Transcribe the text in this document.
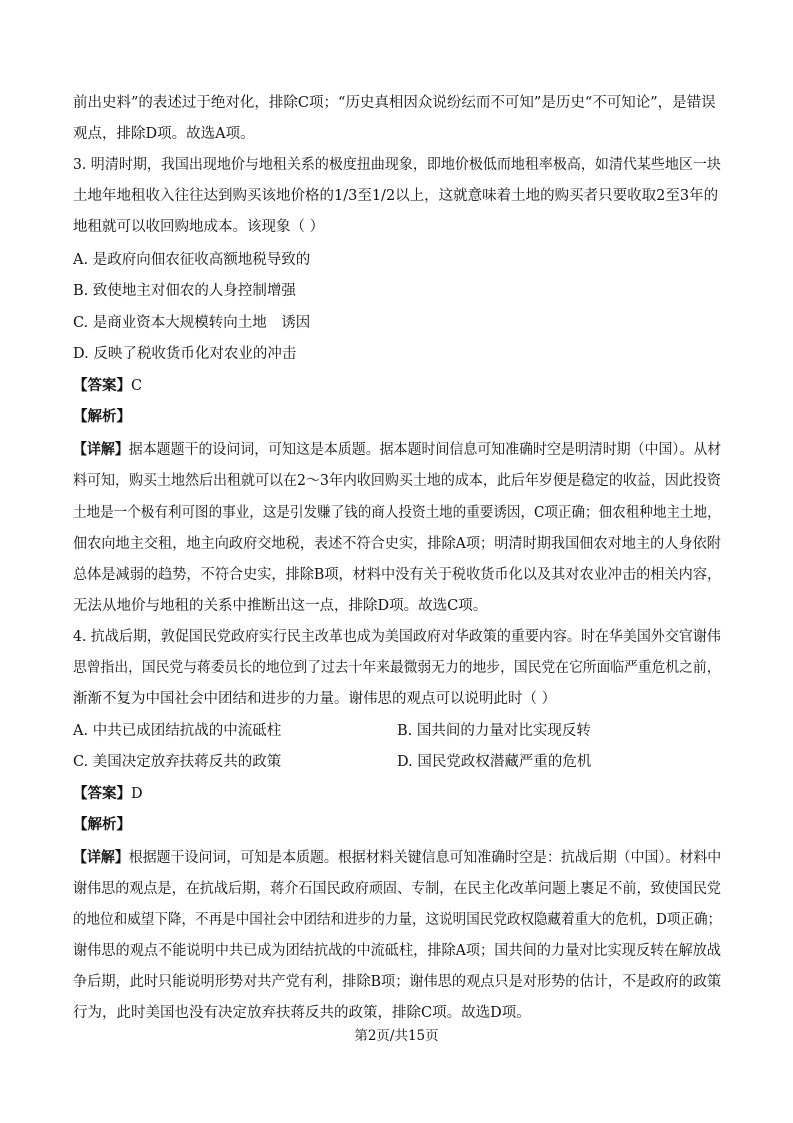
前出史料”的表述过于绝对化，排除C项；“历史真相因众说纷纭而不可知”是历史“不可知论”，是错误
观点，排除D项。故选A项。
3. 明清时期，我国出现地价与地租关系的极度扭曲现象，即地价极低而地租率极高，如清代某些地区一块
土地年地租收入往往达到购买该地价格的1/3至1/2以上，这就意味着土地的购买者只要收取2至3年的
地租就可以收回购地成本。该现象（ ）
A. 是政府向佃农征收高额地税导致的
B. 致使地主对佃农的人身控制增强
C. 是商业资本大规模转向土地　诱因
D. 反映了税收货币化对农业的冲击
【答案】C
【解析】
【详解】据本题题干的设问词，可知这是本质题。据本题时间信息可知准确时空是明清时期（中国）。从材
料可知，购买土地然后出租就可以在2～3年内收回购买土地的成本，此后年岁便是稳定的收益，因此投资
土地是一个极有利可图的事业，这是引发赚了钱的商人投资土地的重要诱因，C项正确；佃农租种地主土地，
佃农向地主交租，地主向政府交地税，表述不符合史实，排除A项；明清时期我国佃农对地主的人身依附
总体是减弱的趋势，不符合史实，排除B项，材料中没有关于税收货币化以及其对农业冲击的相关内容，
无法从地价与地租的关系中推断出这一点，排除D项。故选C项。
4. 抗战后期，敦促国民党政府实行民主改革也成为美国政府对华政策的重要内容。时在华美国外交官谢伟
思曾指出，国民党与蒋委员长的地位到了过去十年来最微弱无力的地步，国民党在它所面临严重危机之前，
渐渐不复为中国社会中团结和进步的力量。谢伟思的观点可以说明此时（ ）
A. 中共已成团结抗战的中流砥柱	B. 国共间的力量对比实现反转
C. 美国决定放弃扶蒋反共的政策	D. 国民党政权潜藏严重的危机
【答案】D
【解析】
【详解】根据题干设问词，可知是本质题。根据材料关键信息可知准确时空是：抗战后期（中国）。材料中
谢伟思的观点是，在抗战后期，蒋介石国民政府顽固、专制，在民主化改革问题上裹足不前，致使国民党
的地位和威望下降，不再是中国社会中团结和进步的力量，这说明国民党政权隐藏着重大的危机，D项正确；
谢伟思的观点不能说明中共已成为团结抗战的中流砥柱，排除A项；国共间的力量对比实现反转在解放战
争后期，此时只能说明形势对共产党有利，排除B项；谢伟思的观点只是对形势的估计，不是政府的政策
行为，此时美国也没有决定放弃扶蒋反共的政策，排除C项。故选D项。
第2页/共15页
